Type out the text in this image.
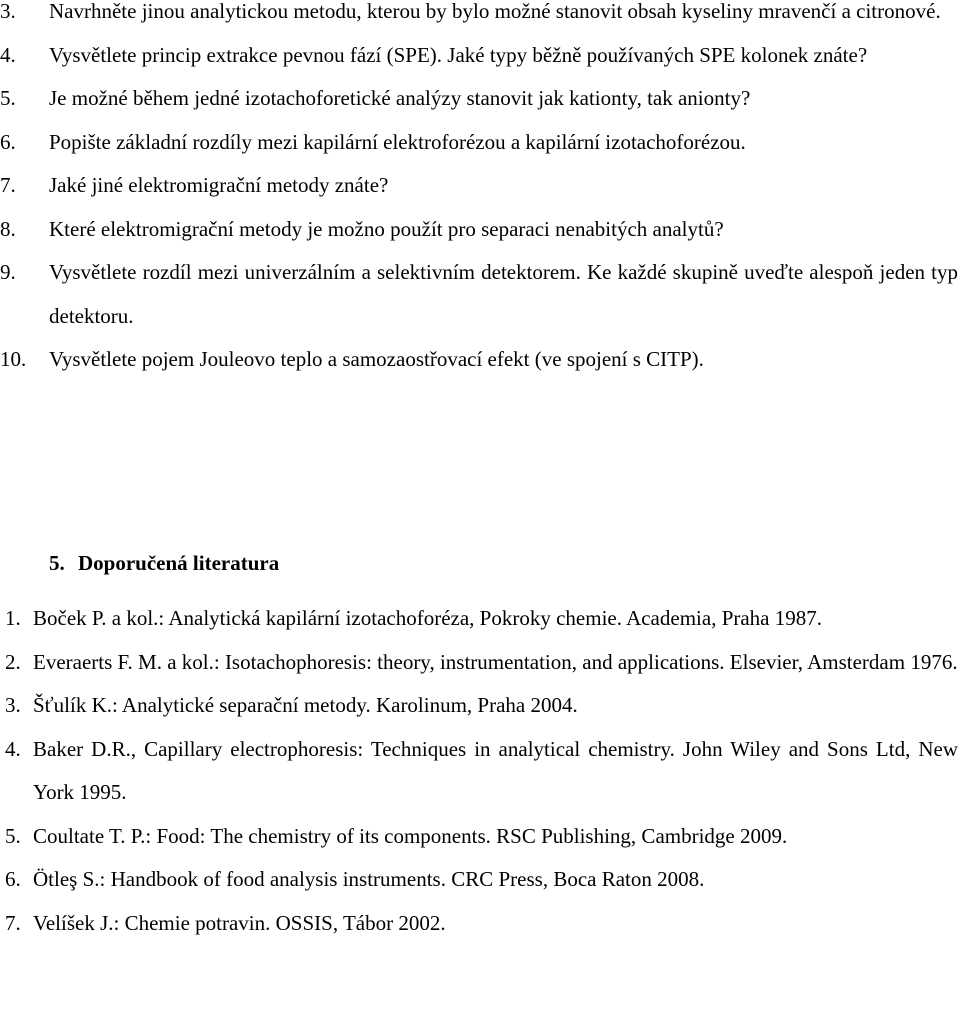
3.	Navrhněte jinou analytickou metodu, kterou by bylo možné stanovit obsah kyseliny mravenčí a citronové.
4.	Vysvětlete princip extrakce pevnou fází (SPE). Jaké typy běžně používaných SPE kolonek znáte?
5.	Je možné během jedné izotachoforetické analýzy stanovit jak kationty, tak anionty?
6.	Popište základní rozdíly mezi kapilární elektroforézou a kapilární izotachoforézou.
7.	Jaké jiné elektromigrační metody znáte?
8.	Které elektromigrační metody je možno použít pro separaci nenabitých analytů?
9.	Vysvětlete rozdíl mezi univerzálním a selektivním detektorem. Ke každé skupině uveďte alespoň jeden typ detektoru.
10.	Vysvětlete pojem Jouleovo teplo a samozaostřovací efekt (ve spojení s CITP).
5. Doporučená literatura
1. Boček P. a kol.: Analytická kapilární izotachoforéza, Pokroky chemie. Academia, Praha 1987.
2. Everaerts F. M. a kol.: Isotachophoresis: theory, instrumentation, and applications. Elsevier, Amsterdam 1976.
3. Šťulík K.: Analytické separační metody. Karolinum, Praha 2004.
4. Baker D.R., Capillary electrophoresis: Techniques in analytical chemistry. John Wiley and Sons Ltd, New York 1995.
5. Coultate T. P.: Food: The chemistry of its components. RSC Publishing, Cambridge 2009.
6. Ötleş S.: Handbook of food analysis instruments. CRC Press, Boca Raton 2008.
7. Velíšek J.: Chemie potravin. OSSIS, Tábor 2002.
